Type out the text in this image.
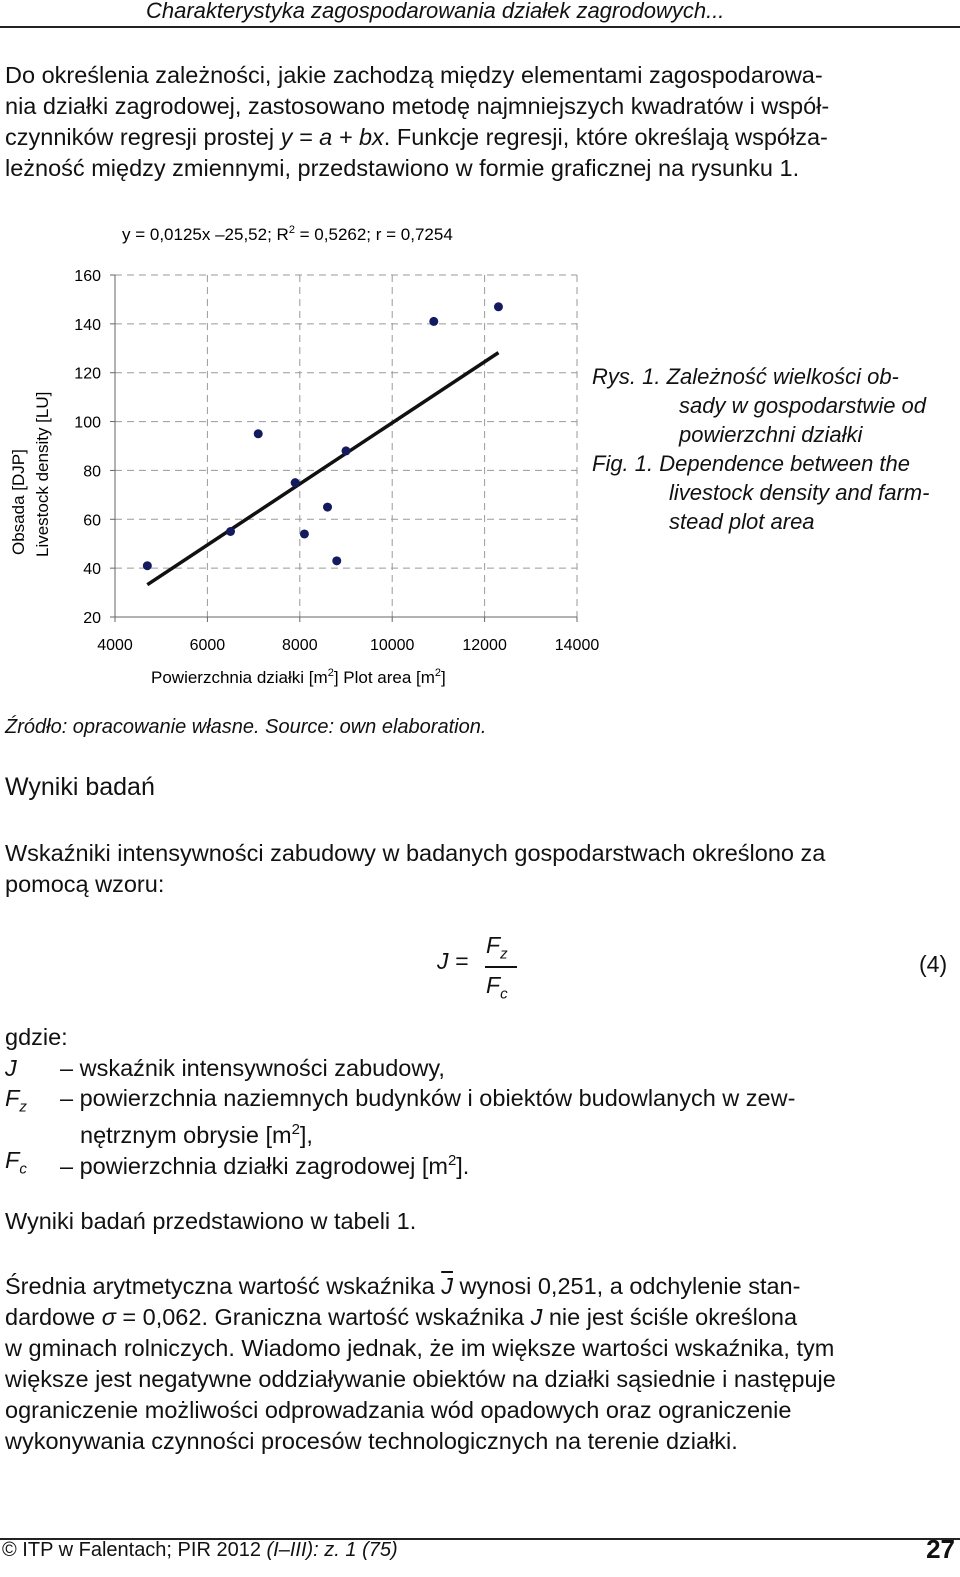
Charakterystyka zagospodarowania działek zagrodowych...

Do określenia zależności, jakie zachodzą między elementami zagospodarowa-
nia działki zagrodowej, zastosowano metodę najmniejszych kwadratów i współ-
czynników regresji prostej y = a + bx. Funkcje regresji, które określają współza-
leżność między zmiennymi, przedstawiono w formie graficznej na rysunku 1.

y = 0,0125x –25,52; $R^2 = 0,5262$; r = 0,7254
20
40
60
80
100
120
140
160
4000	6000	8000	10000	12000	14000
Obsada [DJP] Livestock density [LU]
Powierzchnia działki $[m^2]$ Plot area $[m^2]$
Rys. 1. Zależność wielkości ob-
sady w gospodarstwie od
powierzchni działki
Fig. 1. Dependence between the
livestock density and farm-
stead plot area
Źródło: opracowanie własne. Source: own elaboration.
Wyniki badań

Wskaźniki intensywności zabudowy w badanych gospodarstwach określono za
pomocą wzoru:

J =
$F_z$
$F_c$
(4)
gdzie:
J – wskaźnik intensywności zabudowy,
$F_z$ – powierzchnia naziemnych budynków i obiektów budowlanych w zew-
nętrznym obrysie $[m^2]$,
$F_c$ – powierzchnia działki zagrodowej $[m^2]$.
Wyniki badań przedstawiono w tabeli 1.

Średnia arytmetyczna wartość wskaźnika $\overline{J}$ wynosi 0,251, a odchylenie stan-
dardowe σ = 0,062. Graniczna wartość wskaźnika J nie jest ściśle określona
w gminach rolniczych. Wiadomo jednak, że im większe wartości wskaźnika, tym
większe jest negatywne oddziaływanie obiektów na działki sąsiednie i następuje
ograniczenie możliwości odprowadzania wód opadowych oraz ograniczenie
wykonywania czynności procesów technologicznych na terenie działki.

© ITP w Falentach; PIR 2012 (I–III): z. 1 (75)	27
